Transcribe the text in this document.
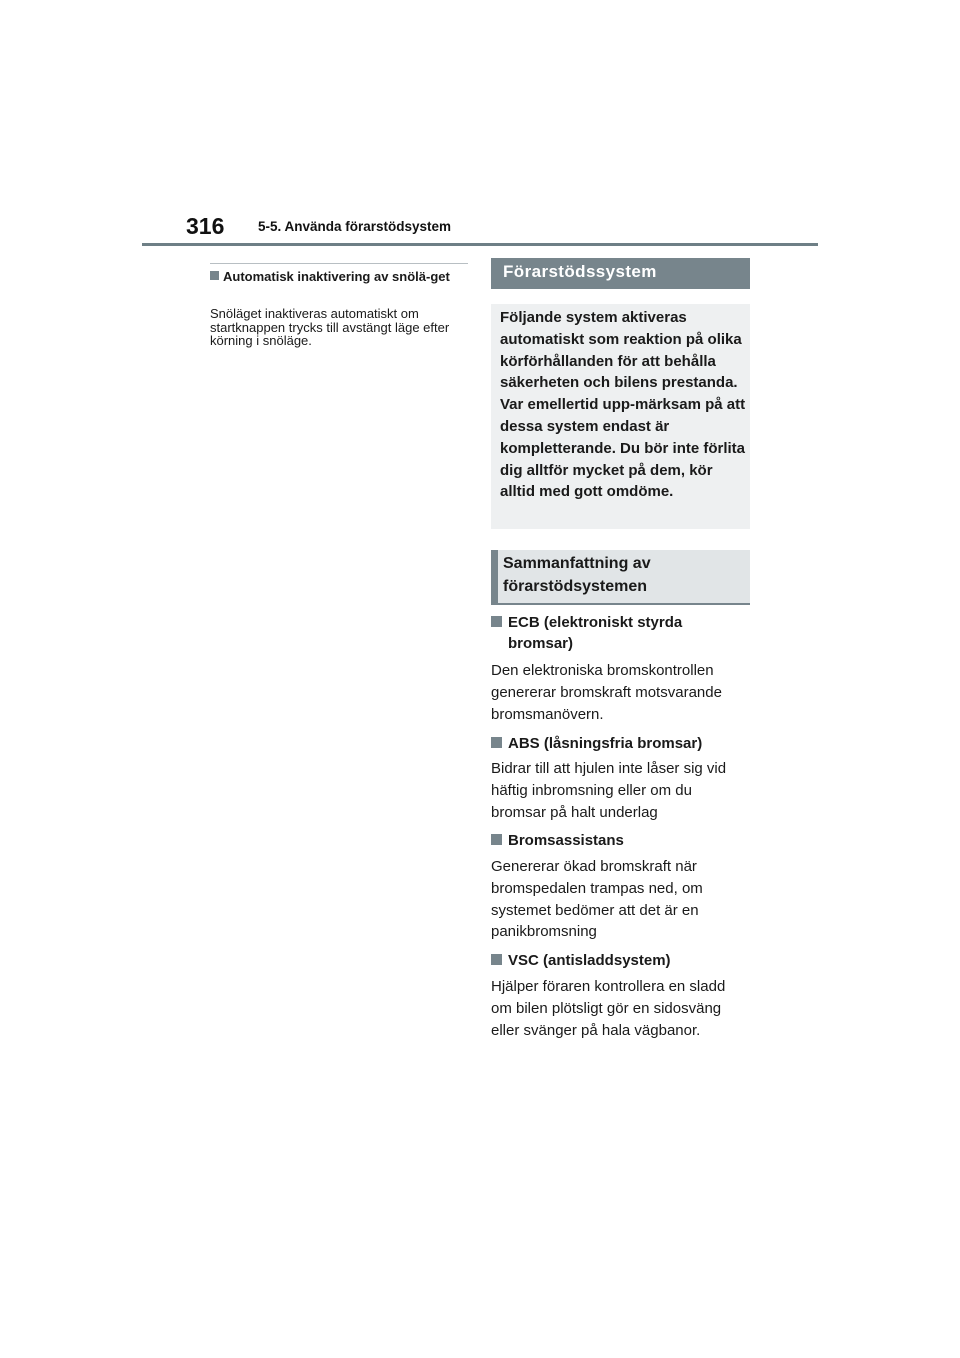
316 5-5. Använda förarstödsystem
Automatisk inaktivering av snölä-get
Snöläget inaktiveras automatiskt om startknappen trycks till avstängt läge efter körning i snöläge.
Förarstödssystem
Följande system aktiveras automatiskt som reaktion på olika körförhållanden för att behålla säkerheten och bilens prestanda. Var emellertid upp-märksam på att dessa system endast är kompletterande. Du bör inte förlita dig alltför mycket på dem, kör alltid med gott omdöme.
Sammanfattning av förarstödsystemen
ECB (elektroniskt styrda bromsar)
Den elektroniska bromskontrollen genererar bromskraft motsvarande bromsmanövern.
ABS (låsningsfria bromsar)
Bidrar till att hjulen inte låser sig vid häftig inbromsning eller om du bromsar på halt underlag
Bromsassistans
Genererar ökad bromskraft när bromspedalen trampas ned, om systemet bedömer att det är en panikbromsning
VSC (antisladdsystem)
Hjälper föraren kontrollera en sladd om bilen plötsligt gör en sidosväng eller svänger på hala vägbanor.
